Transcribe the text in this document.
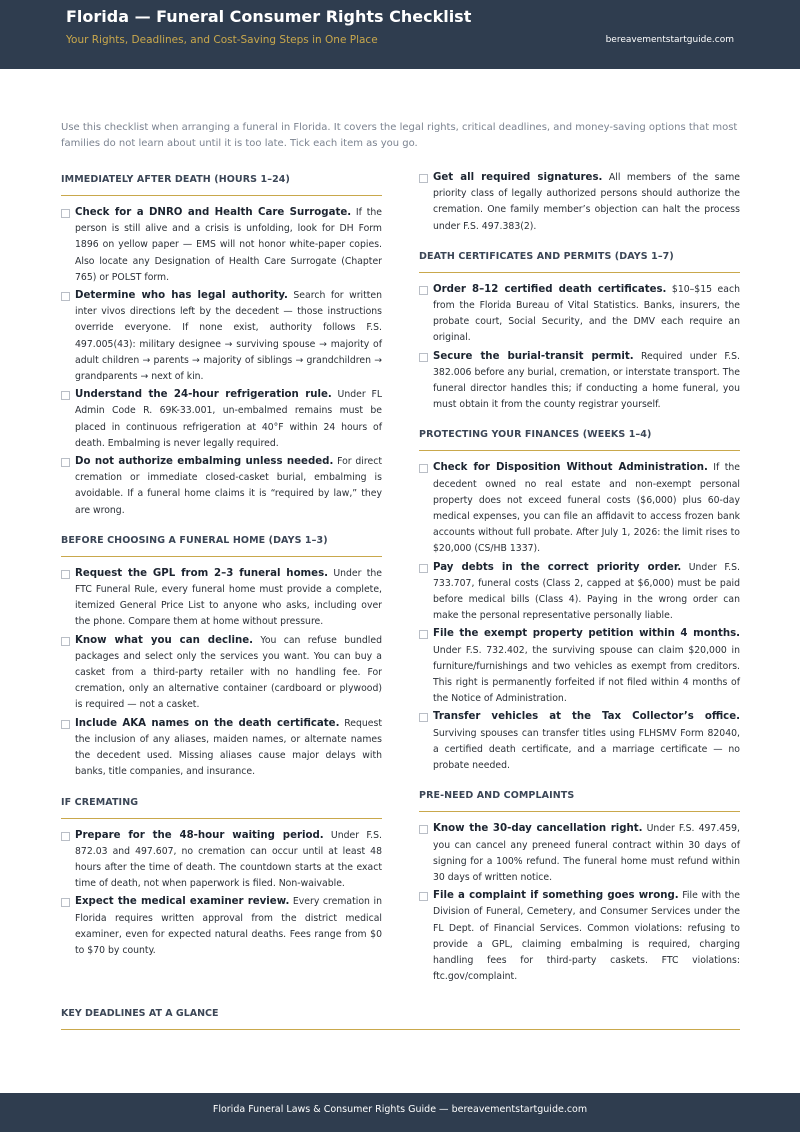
Florida — Funeral Consumer Rights Checklist
Your Rights, Deadlines, and Cost-Saving Steps in One Place	bereavementstartguide.com
Use this checklist when arranging a funeral in Florida. It covers the legal rights, critical deadlines, and money-saving options that most families do not learn about until it is too late. Tick each item as you go.
IMMEDIATELY AFTER DEATH (HOURS 1–24)
Check for a DNRO and Health Care Surrogate. If the person is still alive and a crisis is unfolding, look for DH Form 1896 on yellow paper — EMS will not honor white-paper copies. Also locate any Designation of Health Care Surrogate (Chapter 765) or POLST form.
Determine who has legal authority. Search for written inter vivos directions left by the decedent — those instructions override everyone. If none exist, authority follows F.S. 497.005(43): military designee → surviving spouse → majority of adult children → parents → majority of siblings → grandchildren → grandparents → next of kin.
Understand the 24-hour refrigeration rule. Under FL Admin Code R. 69K-33.001, un-embalmed remains must be placed in continuous refrigeration at 40°F within 24 hours of death. Embalming is never legally required.
Do not authorize embalming unless needed. For direct cremation or immediate closed-casket burial, embalming is avoidable. If a funeral home claims it is “required by law,” they are wrong.
BEFORE CHOOSING A FUNERAL HOME (DAYS 1–3)
Request the GPL from 2–3 funeral homes. Under the FTC Funeral Rule, every funeral home must provide a complete, itemized General Price List to anyone who asks, including over the phone. Compare them at home without pressure.
Know what you can decline. You can refuse bundled packages and select only the services you want. You can buy a casket from a third-party retailer with no handling fee. For cremation, only an alternative container (cardboard or plywood) is required — not a casket.
Include AKA names on the death certificate. Request the inclusion of any aliases, maiden names, or alternate names the decedent used. Missing aliases cause major delays with banks, title companies, and insurance.
IF CREMATING
Prepare for the 48-hour waiting period. Under F.S. 872.03 and 497.607, no cremation can occur until at least 48 hours after the time of death. The countdown starts at the exact time of death, not when paperwork is filed. Non-waivable.
Expect the medical examiner review. Every cremation in Florida requires written approval from the district medical examiner, even for expected natural deaths. Fees range from $0 to $70 by county.
Get all required signatures. All members of the same priority class of legally authorized persons should authorize the cremation. One family member’s objection can halt the process under F.S. 497.383(2).
DEATH CERTIFICATES AND PERMITS (DAYS 1–7)
Order 8–12 certified death certificates. $10–$15 each from the Florida Bureau of Vital Statistics. Banks, insurers, the probate court, Social Security, and the DMV each require an original.
Secure the burial-transit permit. Required under F.S. 382.006 before any burial, cremation, or interstate transport. The funeral director handles this; if conducting a home funeral, you must obtain it from the county registrar yourself.
PROTECTING YOUR FINANCES (WEEKS 1–4)
Check for Disposition Without Administration. If the decedent owned no real estate and non-exempt personal property does not exceed funeral costs ($6,000) plus 60-day medical expenses, you can file an affidavit to access frozen bank accounts without full probate. After July 1, 2026: the limit rises to $20,000 (CS/HB 1337).
Pay debts in the correct priority order. Under F.S. 733.707, funeral costs (Class 2, capped at $6,000) must be paid before medical bills (Class 4). Paying in the wrong order can make the personal representative personally liable.
File the exempt property petition within 4 months. Under F.S. 732.402, the surviving spouse can claim $20,000 in furniture/furnishings and two vehicles as exempt from creditors. This right is permanently forfeited if not filed within 4 months of the Notice of Administration.
Transfer vehicles at the Tax Collector’s office. Surviving spouses can transfer titles using FLHSMV Form 82040, a certified death certificate, and a marriage certificate — no probate needed.
PRE-NEED AND COMPLAINTS
Know the 30-day cancellation right. Under F.S. 497.459, you can cancel any preneed funeral contract within 30 days of signing for a 100% refund. The funeral home must refund within 30 days of written notice.
File a complaint if something goes wrong. File with the Division of Funeral, Cemetery, and Consumer Services under the FL Dept. of Financial Services. Common violations: refusing to provide a GPL, claiming embalming is required, charging handling fees for third-party caskets. FTC violations: ftc.gov/complaint.
KEY DEADLINES AT A GLANCE
Florida Funeral Laws & Consumer Rights Guide — bereavementstartguide.com
